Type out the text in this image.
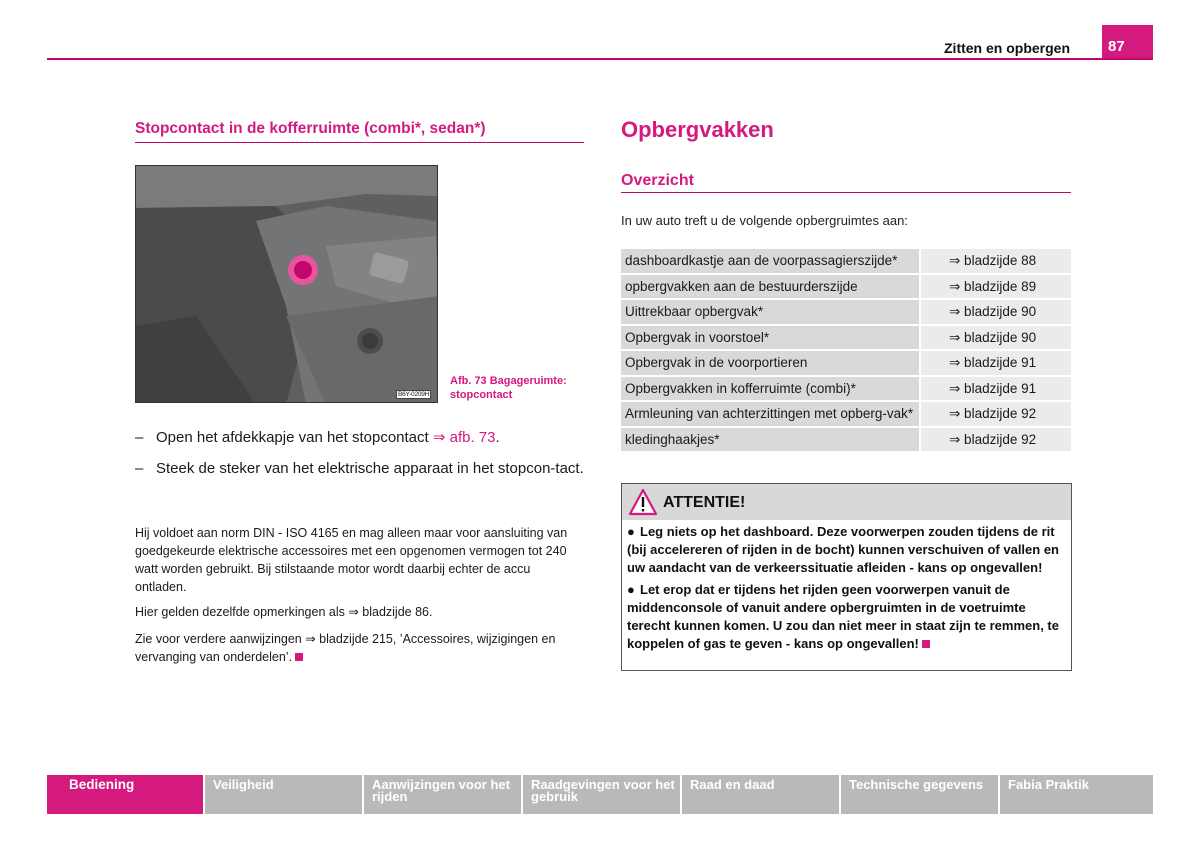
Zitten en opbergen	87
Stopcontact in de kofferruimte (combi*, sedan*)
B6Y-0209H
Afb. 73 Bagageruimte: stopcontact
– Open het afdekkapje van het stopcontact ⇒ afb. 73.
– Steek de steker van het elektrische apparaat in het stopcon-tact.
Hij voldoet aan norm DIN - ISO 4165 en mag alleen maar voor aansluiting van goedgekeurde elektrische accessoires met een opgenomen vermogen tot 240 watt worden gebruikt. Bij stilstaande motor wordt daarbij echter de accu ontladen.
Hier gelden dezelfde opmerkingen als ⇒ bladzijde 86.
Zie voor verdere aanwijzingen ⇒ bladzijde 215, ’Accessoires, wijzigingen en vervanging van onderdelen’.
Opbergvakken
Overzicht
In uw auto treft u de volgende opbergruimtes aan:
dashboardkastje aan de voorpassagierszijde*	⇒ bladzijde 88
opbergvakken aan de bestuurderszijde	⇒ bladzijde 89
Uittrekbaar opbergvak*	⇒ bladzijde 90
Opbergvak in voorstoel*	⇒ bladzijde 90
Opbergvak in de voorportieren	⇒ bladzijde 91
Opbergvakken in kofferruimte (combi)*	⇒ bladzijde 91
Armleuning van achterzittingen met opberg-vak*	⇒ bladzijde 92
kledinghaakjes*	⇒ bladzijde 92
ATTENTIE!
● Leg niets op het dashboard. Deze voorwerpen zouden tijdens de rit (bij accelereren of rijden in de bocht) kunnen verschuiven of vallen en uw aandacht van de verkeerssituatie afleiden - kans op ongevallen!
● Let erop dat er tijdens het rijden geen voorwerpen vanuit de middenconsole of vanuit andere opbergruimten in de voetruimte terecht kunnen komen. U zou dan niet meer in staat zijn te remmen, te koppelen of gas te geven - kans op ongevallen!
Bediening	Veiligheid	Aanwijzingen voor het rijden
Raadgevingen voor het gebruik
Raad en daad	Technische gegevens	Fabia Praktik
